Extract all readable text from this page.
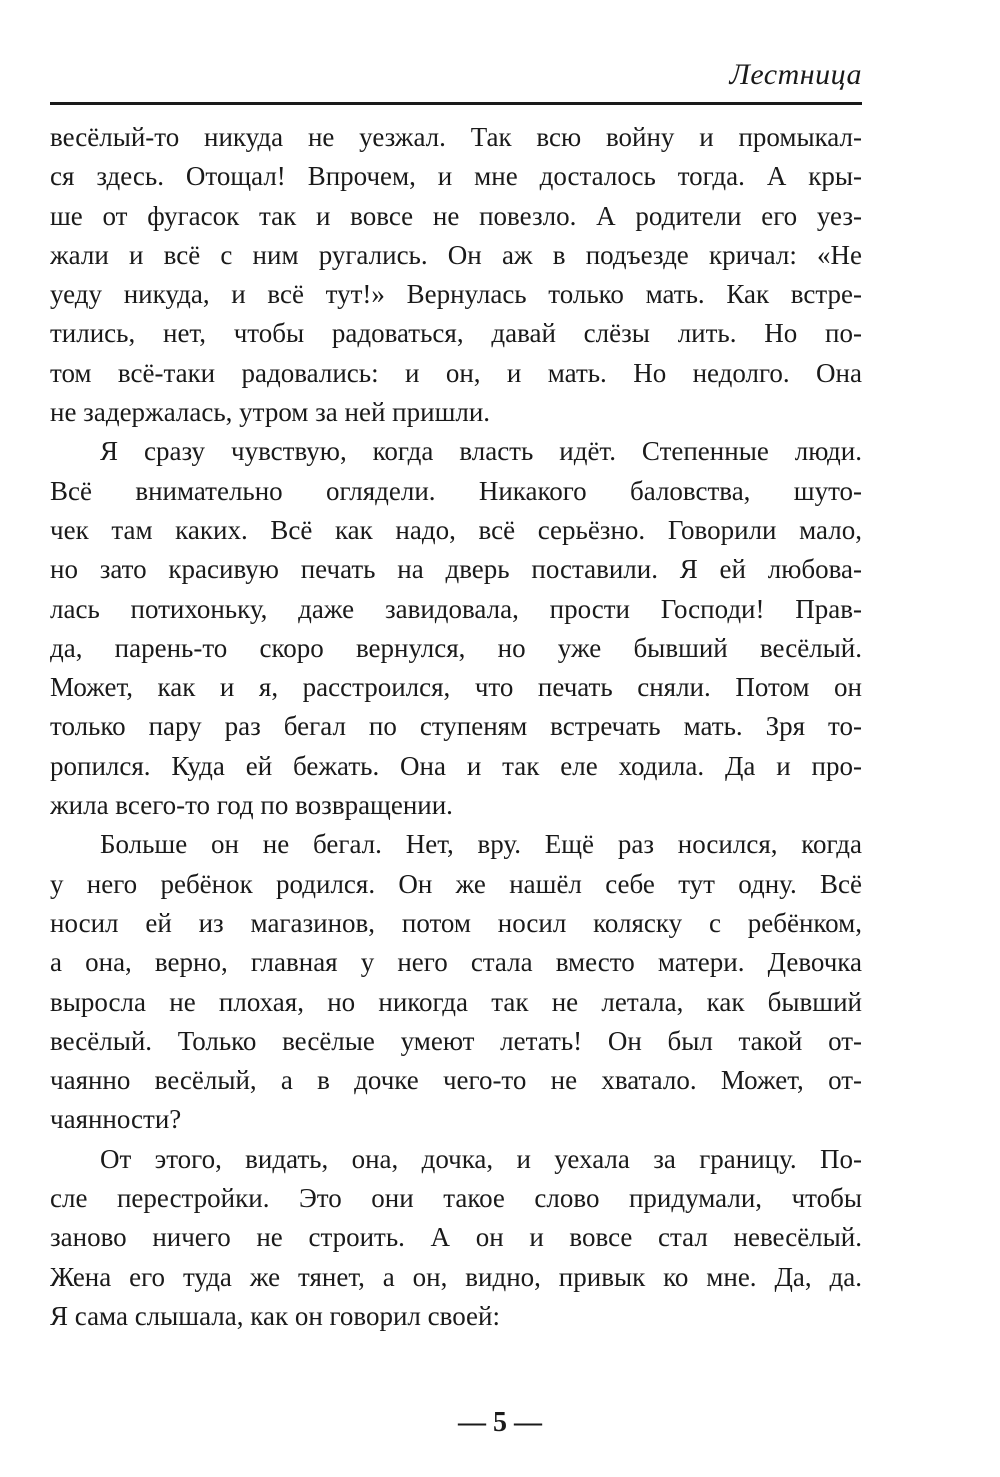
Лестница
весёлый-то никуда не уезжал. Так всю войну и промыкал-
ся здесь. Отощал! Впрочем, и мне досталось тогда. А кры-
ше от фугасок так и вовсе не повезло. А родители его уез-
жали и всё с ним ругались. Он аж в подъезде кричал: «Не
уеду никуда, и всё тут!» Вернулась только мать. Как встре-
тились, нет, чтобы радоваться, давай слёзы лить. Но по-
том всё-таки радовались: и он, и мать. Но недолго. Она
не задержалась, утром за ней пришли.
Я сразу чувствую, когда власть идёт. Степенные люди.
Всё внимательно оглядели. Никакого баловства, шуто-
чек там каких. Всё как надо, всё серьёзно. Говорили мало,
но зато красивую печать на дверь поставили. Я ей любова-
лась потихоньку, даже завидовала, прости Господи! Прав-
да, парень-то скоро вернулся, но уже бывший весёлый.
Может, как и я, расстроился, что печать сняли. Потом он
только пару раз бегал по ступеням встречать мать. Зря то-
ропился. Куда ей бежать. Она и так еле ходила. Да и про-
жила всего-то год по возвращении.
Больше он не бегал. Нет, вру. Ещё раз носился, когда
у него ребёнок родился. Он же нашёл себе тут одну. Всё
носил ей из магазинов, потом носил коляску с ребёнком,
а она, верно, главная у него стала вместо матери. Девочка
выросла не плохая, но никогда так не летала, как бывший
весёлый. Только весёлые умеют летать! Он был такой от-
чаянно весёлый, а в дочке чего-то не хватало. Может, от-
чаянности?
От этого, видать, она, дочка, и уехала за границу. По-
сле перестройки. Это они такое слово придумали, чтобы
заново ничего не строить. А он и вовсе стал невесёлый.
Жена его туда же тянет, а он, видно, привык ко мне. Да, да.
Я сама слышала, как он говорил своей:
— 5 —
